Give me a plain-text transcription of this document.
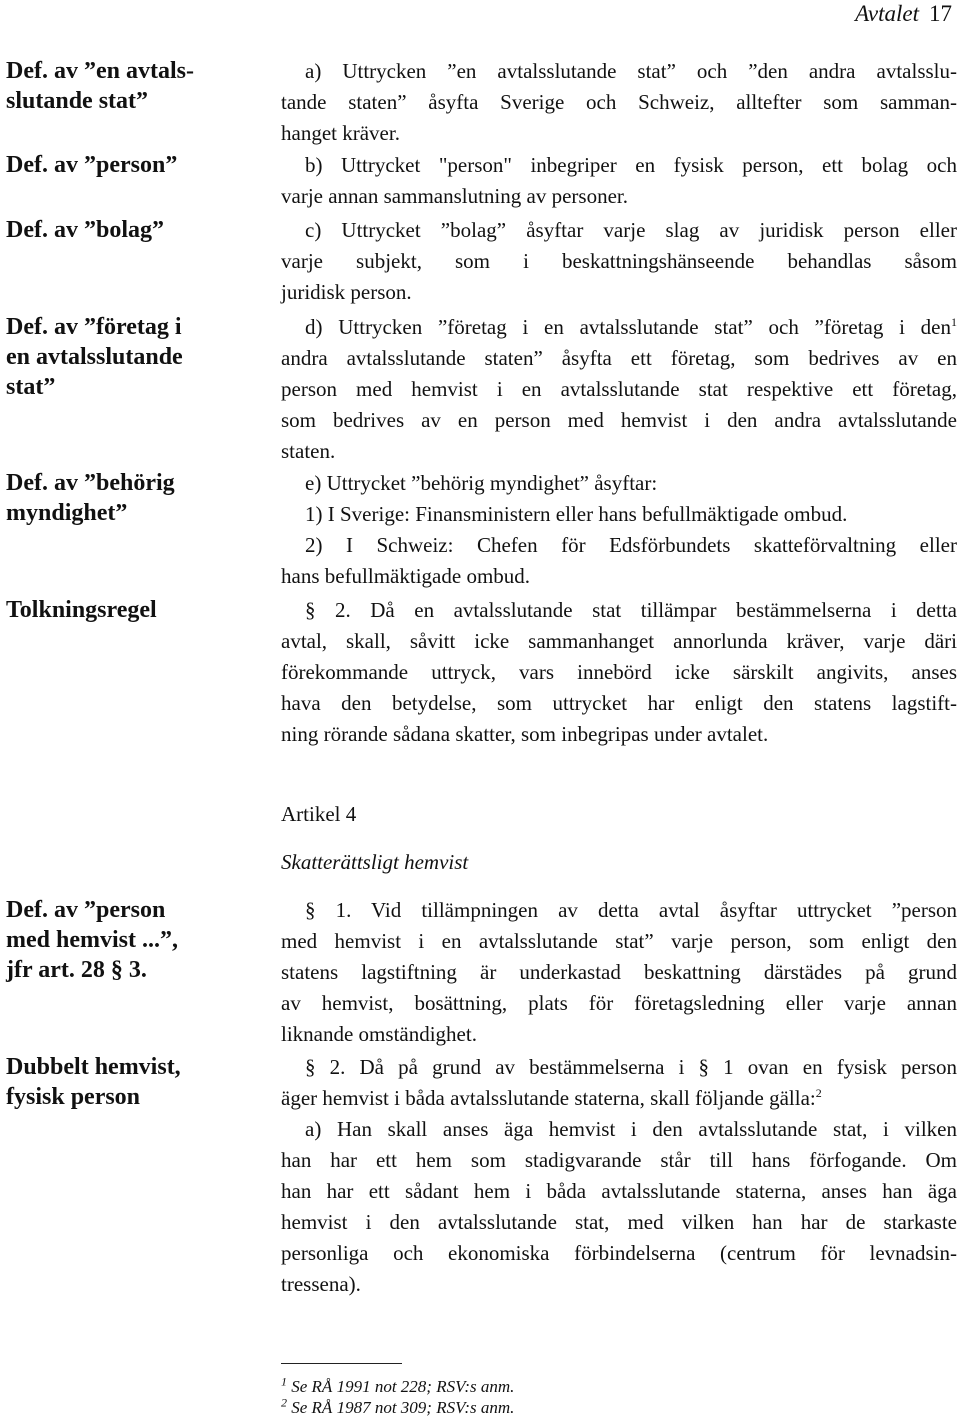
Avtalet 17
Def. av ”en avtals-
slutande stat”
Def. av ”person”
Def. av ”bolag”
Def. av ”företag i
en avtalsslutande
stat”
Def. av ”behörig
myndighet”
Tolkningsregel
Def. av ”person
med hemvist ...”,
jfr art. 28 § 3.
Dubbelt hemvist,
fysisk person
a) Uttrycken ”en avtalsslutande stat” och ”den andra avtalsslu-
tande staten” åsyfta Sverige och Schweiz, alltefter som samman-
hanget kräver.
b) Uttrycket "person" inbegriper en fysisk person, ett bolag och
varje annan sammanslutning av personer.
c) Uttrycket ”bolag” åsyftar varje slag av juridisk person eller
varje subjekt, som i beskattningshänseende behandlas såsom
juridisk person.
d) Uttrycken ”företag i en avtalsslutande stat” och ”företag i den$^1$
andra avtalsslutande staten” åsyfta ett företag, som bedrives av en
person med hemvist i en avtalsslutande stat respektive ett företag,
som bedrives av en person med hemvist i den andra avtalsslutande
staten.
e) Uttrycket ”behörig myndighet” åsyftar:
1) I Sverige: Finansministern eller hans befullmäktigade ombud.
2) I Schweiz: Chefen för Edsförbundets skatteförvaltning eller
hans befullmäktigade ombud.
§ 2. Då en avtalsslutande stat tillämpar bestämmelserna i detta
avtal, skall, såvitt icke sammanhanget annorlunda kräver, varje däri
förekommande uttryck, vars innebörd icke särskilt angivits, anses
hava den betydelse, som uttrycket har enligt den statens lagstift-
ning rörande sådana skatter, som inbegripas under avtalet.
Artikel 4
Skatterättsligt hemvist
§ 1. Vid tillämpningen av detta avtal åsyftar uttrycket ”person
med hemvist i en avtalsslutande stat” varje person, som enligt den
statens lagstiftning är underkastad beskattning därstädes på grund
av hemvist, bosättning, plats för företagsledning eller varje annan
liknande omständighet.
§ 2. Då på grund av bestämmelserna i § 1 ovan en fysisk person
äger hemvist i båda avtalsslutande staterna, skall följande gälla:$^2$
a) Han skall anses äga hemvist i den avtalsslutande stat, i vilken
han har ett hem som stadigvarande står till hans förfogande. Om
han har ett sådant hem i båda avtalsslutande staterna, anses han äga
hemvist i den avtalsslutande stat, med vilken han har de starkaste
personliga och ekonomiska förbindelserna (centrum för levnadsin-
tressena).
$^1$ Se RÅ 1991 not 228; RSV:s anm.
$^2$ Se RÅ 1987 not 309; RSV:s anm.
